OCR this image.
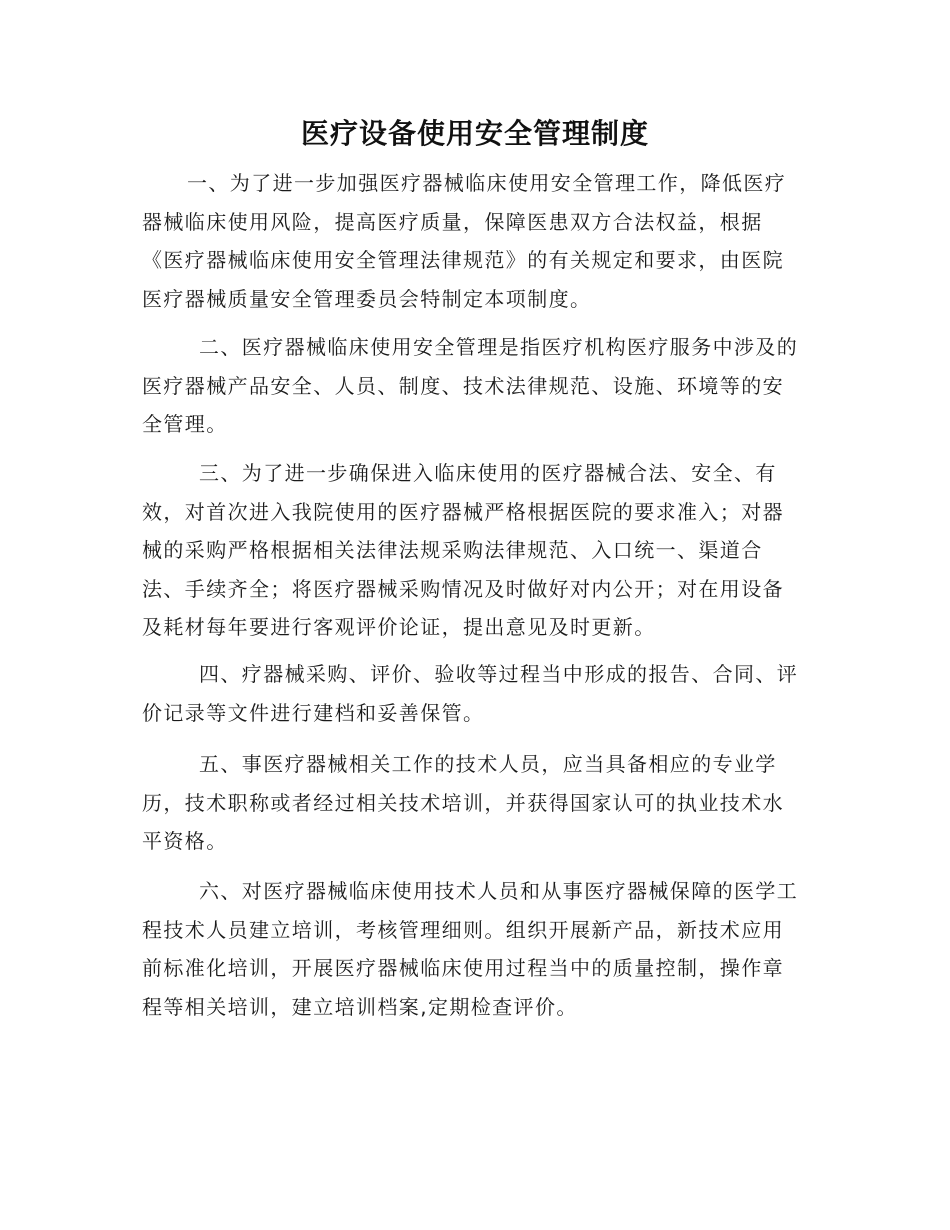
医疗设备使用安全管理制度
一、为了进一步加强医疗器械临床使用安全管理工作，降低医疗
器械临床使用风险，提高医疗质量，保障医患双方合法权益，根据
《医疗器械临床使用安全管理法律规范》的有关规定和要求，由医院
医疗器械质量安全管理委员会特制定本项制度。
二、医疗器械临床使用安全管理是指医疗机构医疗服务中涉及的
医疗器械产品安全、人员、制度、技术法律规范、设施、环境等的安
全管理。
三、为了进一步确保进入临床使用的医疗器械合法、安全、有
效，对首次进入我院使用的医疗器械严格根据医院的要求准入；对器
械的采购严格根据相关法律法规采购法律规范、入口统一、渠道合
法、手续齐全；将医疗器械采购情况及时做好对内公开；对在用设备
及耗材每年要进行客观评价论证，提出意见及时更新。
四、疗器械采购、评价、验收等过程当中形成的报告、合同、评
价记录等文件进行建档和妥善保管。
五、事医疗器械相关工作的技术人员，应当具备相应的专业学
历，技术职称或者经过相关技术培训，并获得国家认可的执业技术水
平资格。
六、对医疗器械临床使用技术人员和从事医疗器械保障的医学工
程技术人员建立培训，考核管理细则。组织开展新产品，新技术应用
前标准化培训，开展医疗器械临床使用过程当中的质量控制，操作章
程等相关培训，建立培训档案,定期检查评价。
